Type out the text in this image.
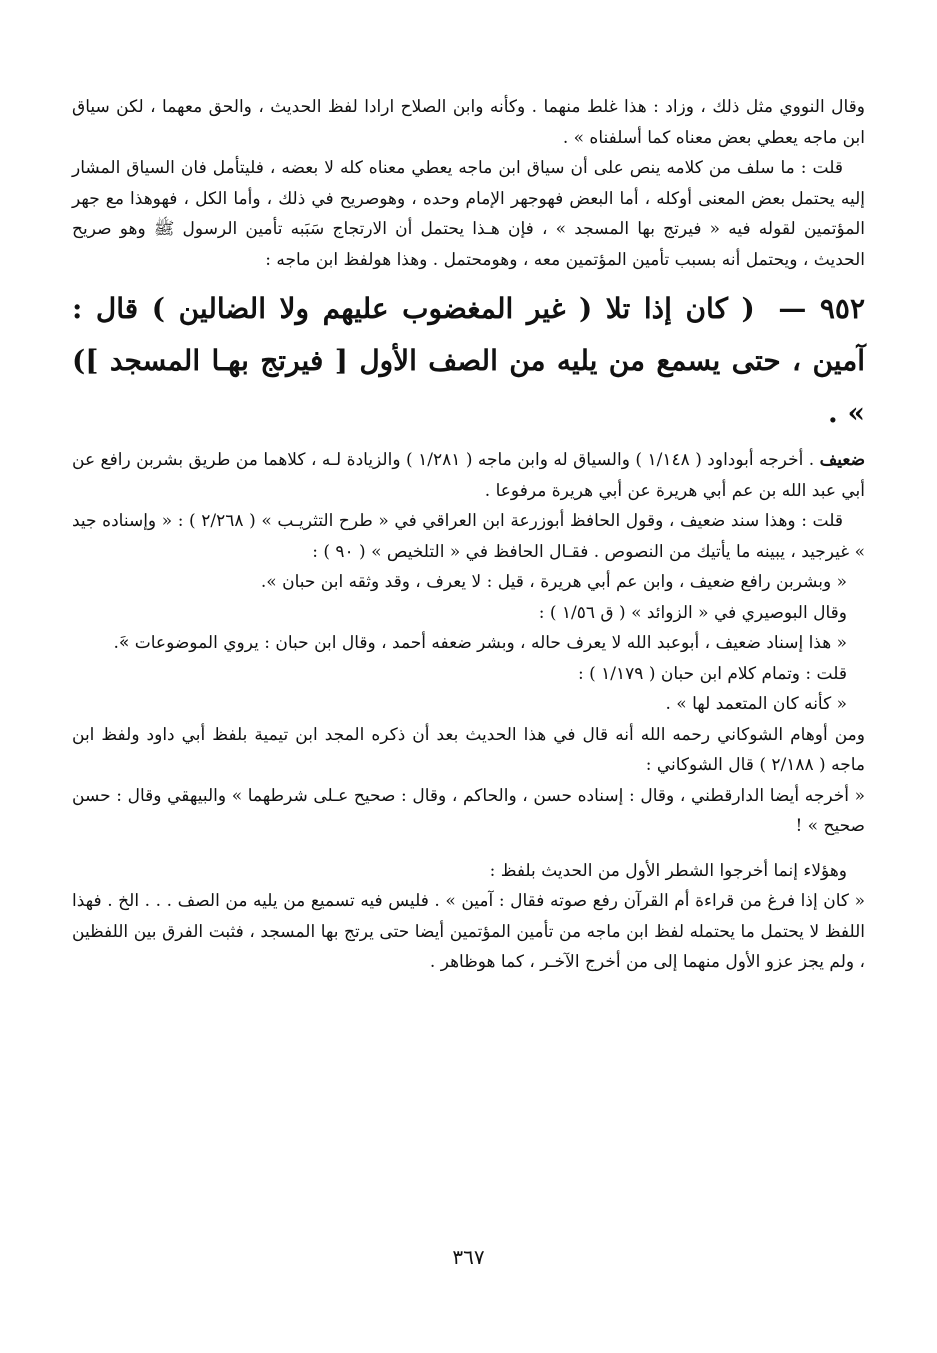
وقال النووي مثل ذلك ، وزاد : هذا غلط منهما . وكأنه وابن الصلاح ارادا لفظ الحديث ، والحق معهما ، لكن سياق ابن ماجه يعطي بعض معناه كما أسلفناه » .

قلت : ما سلف من كلامه ينص على أن سياق ابن ماجه يعطي معناه كله لا بعضه ، فليتأمل فان السياق المشار إليه يحتمل بعض المعنى أوكله ، أما البعض فهوجهر الإمام وحده ، وهوصريح في ذلك ، وأما الكل ، فهوهذا مع جهر المؤتمين لقوله فيه « فيرتج بها المسجد » ، فإن هـذا يحتمل أن الارتجاج سَبَبه تأمين الرسول ﷺ وهو صريح الحديث ، ويحتمل أنه بسبب تأمين المؤتمين معه ، وهومحتمل . وهذا هولفظ ابن ماجه :

٩٥٢ — ( كان إذا تلا ( غير المغضوب عليهم ولا الضالين ) قال : آمين ، حتى يسمع من يليه من الصف الأول [ فيرتج بهـا المسجد ]) » .

ضعيف . أخرجه أبوداود ( ١/١٤٨ ) والسياق له وابن ماجه ( ١/٢٨١ ) والزيادة لـه ، كلاهما من طريق بشربن رافع عن أبي عبد الله بن عم أبي هريرة عن أبي هريرة مرفوعا .

قلت : وهذا سند ضعيف ، وقول الحافظ أبوزرعة ابن العراقي في « طرح التثريـب » ( ٢/٢٦٨ ) : « وإسناده جيد » غيرجيد ، يبينه ما يأتيك من النصوص . فقـال الحافظ في « التلخيص » ( ٩٠ ) :

« وبشربن رافع ضعيف ، وابن عم أبي هريرة ، قيل : لا يعرف ، وقد وثقه ابن حبان ».

وقال البوصيري في « الزوائد » ( ق ١/٥٦ ) :

« هذا إسناد ضعيف ، أبوعبد الله لا يعرف حاله ، وبشر ضعفه أحمد ، وقال ابن حبان : يروي الموضوعات »َ.

قلت : وتمام كلام ابن حبان ( ١/١٧٩ ) :

« كأنه كان المتعمد لها » .

ومن أوهام الشوكاني رحمه الله أنه قال في هذا الحديث بعد أن ذكره المجد ابن تيمية بلفظ أبي داود ولفظ ابن ماجه ( ٢/١٨٨ ) قال الشوكاني :

« أخرجه أيضا الدارقطني ، وقال : إسناده حسن ، والحاكم ، وقال : صحيح عـلى شرطهما » والبيهقي وقال : حسن صحيح » !

وهؤلاء إنما أخرجوا الشطر الأول من الحديث بلفظ :

« كان إذا فرغ من قراءة أم القرآن رفع صوته فقال : آمين » . فليس فيه تسميع من يليه من الصف . . . الخ . فهذا اللفظ لا يحتمل ما يحتمله لفظ ابن ماجه من تأمين المؤتمين أيضا حتى يرتج بها المسجد ، فثبت الفرق بين اللفظين ، ولم يجز عزو الأول منهما إلى من أخرج الآخـر ، كما هوظاهر .

٣٦٧
